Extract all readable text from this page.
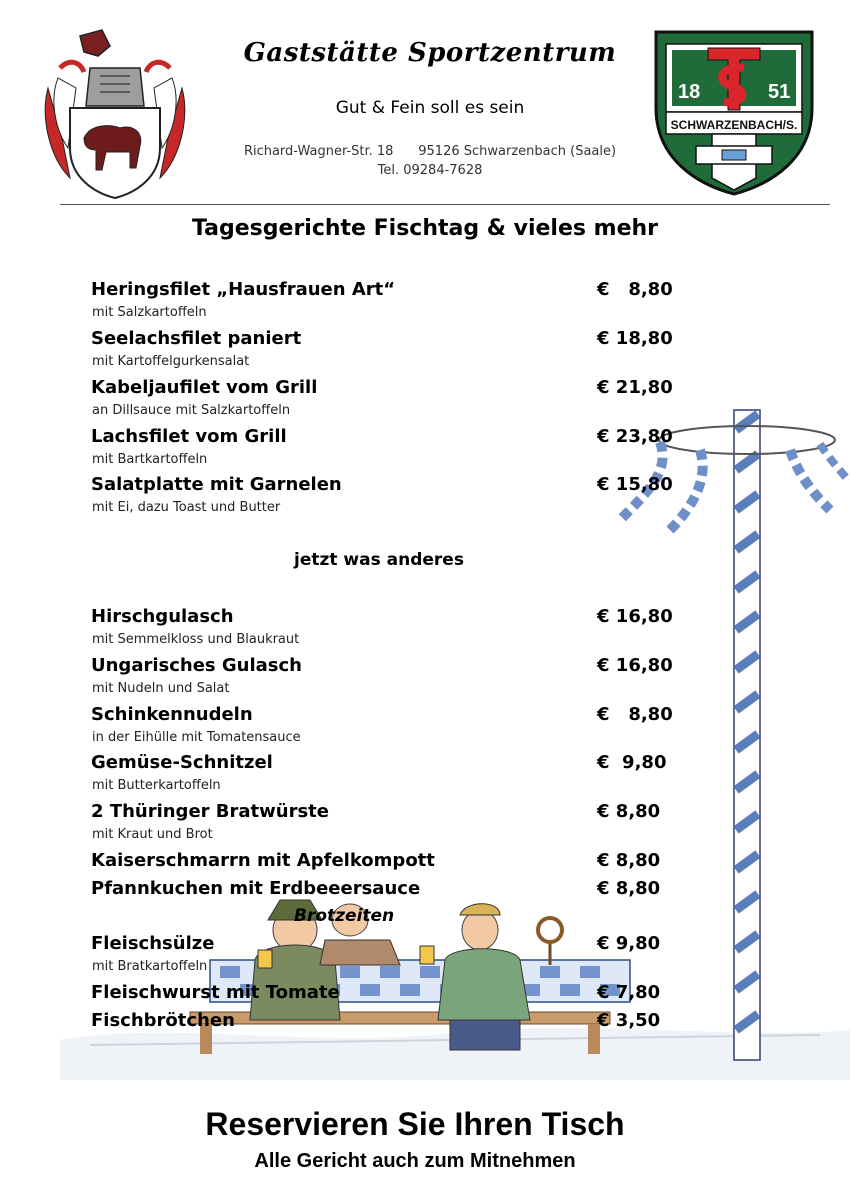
Gaststätte Sportzentrum
Gut & Fein soll es sein
Richard-Wagner-Str. 18      95126 Schwarzenbach (Saale)
Tel. 09284-7628
18	51
SCHWARZENBACH/S.
Tagesgerichte Fischtag & vieles mehr
Heringsfilet „Hausfrauen Art“	€   8,80
mit Salzkartoffeln
Seelachsfilet paniert	€ 18,80
mit Kartoffelgurkensalat
Kabeljaufilet vom Grill	€ 21,80
an Dillsauce mit Salzkartoffeln
Lachsfilet vom Grill	€ 23,80
mit Bartkartoffeln
Salatplatte mit Garnelen	€ 15,80
mit Ei, dazu Toast und Butter
jetzt was anderes
Hirschgulasch	€ 16,80
mit Semmelkloss und Blaukraut
Ungarisches Gulasch	€ 16,80
mit Nudeln und Salat
Schinkennudeln	€   8,80
in der Eihülle mit Tomatensauce
Gemüse-Schnitzel	€  9,80
mit Butterkartoffeln
2 Thüringer Bratwürste	€ 8,80
mit Kraut und Brot
Kaiserschmarrn mit Apfelkompott	€ 8,80
Pfannkuchen mit Erdbeeersauce	€ 8,80
Brotzeiten
Fleischsülze	€ 9,80
mit Bratkartoffeln
Fleischwurst mit Tomate	€ 7,80
Fischbrötchen	€ 3,50
Reservieren Sie Ihren Tisch
Alle Gericht auch zum Mitnehmen
